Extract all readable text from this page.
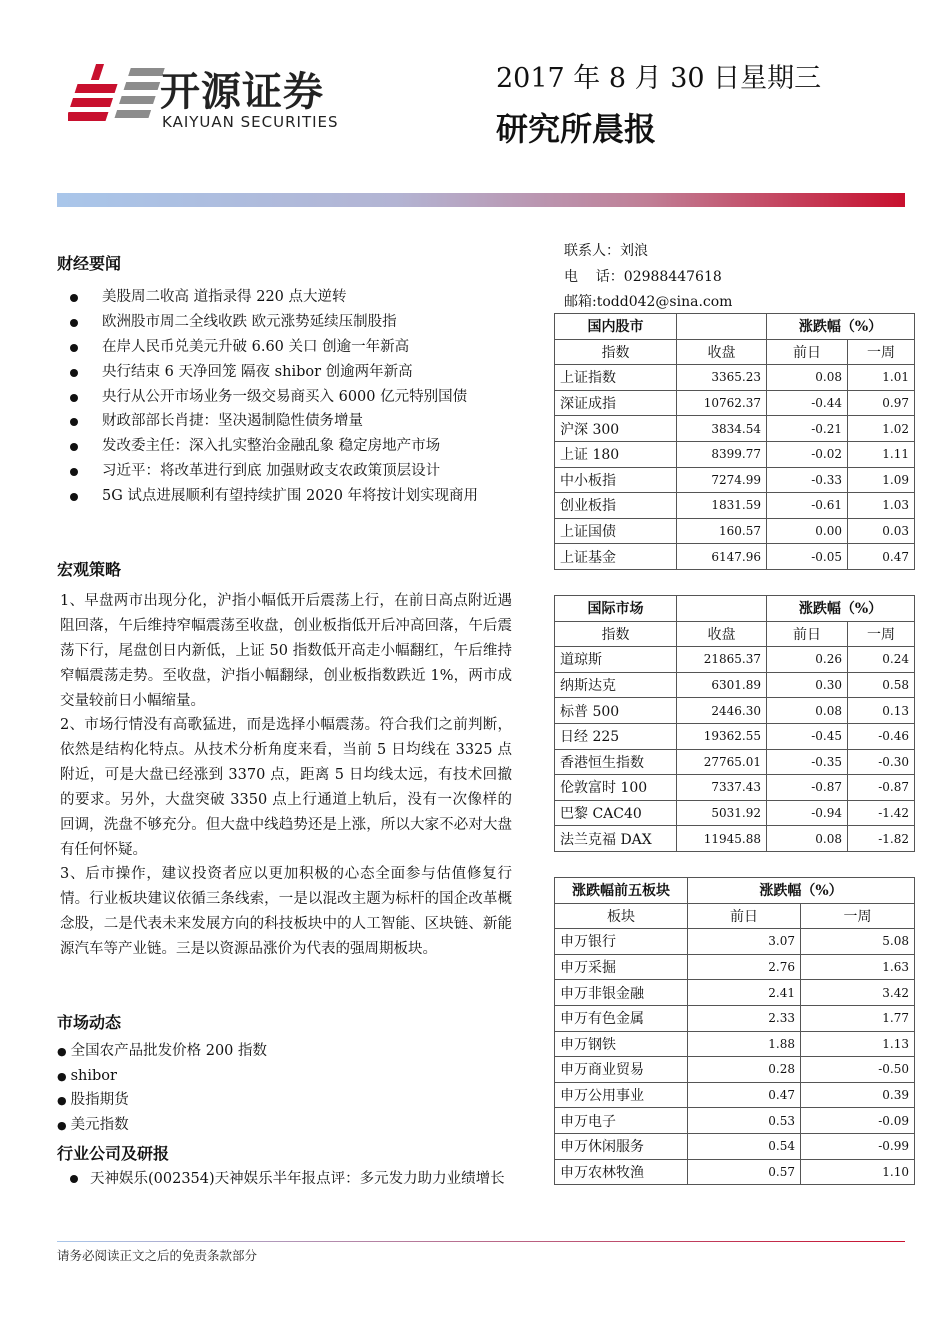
开源证券
KAIYUAN SECURITIES
2017 年 8 月 30 日星期三
研究所晨报
联系人：刘浪
电    话：02988447618
邮箱:todd042@sina.com
财经要闻
美股周二收高 道指录得 220 点大逆转
欧洲股市周二全线收跌 欧元涨势延续压制股指
在岸人民币兑美元升破 6.60 关口 创逾一年新高
央行结束 6 天净回笼 隔夜 shibor 创逾两年新高
央行从公开市场业务一级交易商买入 6000 亿元特别国债
财政部部长肖捷：坚决遏制隐性债务增量
发改委主任：深入扎实整治金融乱象 稳定房地产市场
习近平：将改革进行到底 加强财政支农政策顶层设计
5G 试点进展顺利有望持续扩围 2020 年将按计划实现商用
宏观策略

1、早盘两市出现分化，沪指小幅低开后震荡上行，在前日高点附近遇阻回落，午后维持窄幅震荡至收盘，创业板指低开后冲高回落，午后震荡下行，尾盘创日内新低，上证 50 指数低开高走小幅翻红，午后维持窄幅震荡走势。至收盘，沪指小幅翻绿，创业板指数跌近 1%，两市成交量较前日小幅缩量。

2、市场行情没有高歌猛进，而是选择小幅震荡。符合我们之前判断，依然是结构化特点。从技术分析角度来看，当前 5 日均线在 3325 点附近，可是大盘已经涨到 3370 点，距离 5 日均线太远，有技术回撤的要求。另外，大盘突破 3350 点上行通道上轨后，没有一次像样的回调，洗盘不够充分。但大盘中线趋势还是上涨，所以大家不必对大盘有任何怀疑。

3、后市操作，建议投资者应以更加积极的心态全面参与估值修复行情。行业板块建议依循三条线索，一是以混改主题为标杆的国企改革概念股，二是代表未来发展方向的科技板块中的人工智能、区块链、新能源汽车等产业链。三是以资源品涨价为代表的强周期板块。

市场动态
● 全国农产品批发价格 200 指数
● shibor
● 股指期货
● 美元指数
行业公司及研报
天神娱乐(002354)天神娱乐半年报点评：多元发力助力业绩增长
国内股市		涨跌幅（%）	
指数	收盘	前日	一周
上证指数	3365.23	0.08	1.01
深证成指	10762.37	-0.44	0.97
沪深 300	3834.54	-0.21	1.02
上证 180	8399.77	-0.02	1.11
中小板指	7274.99	-0.33	1.09
创业板指	1831.59	-0.61	1.03
上证国债	160.57	0.00	0.03
上证基金	6147.96	-0.05	0.47
国际市场		涨跌幅（%）	
指数	收盘	前日	一周
道琼斯	21865.37	0.26	0.24
纳斯达克	6301.89	0.30	0.58
标普 500	2446.30	0.08	0.13
日经 225	19362.55	-0.45	-0.46
香港恒生指数	27765.01	-0.35	-0.30
伦敦富时 100	7337.43	-0.87	-0.87
巴黎 CAC40	5031.92	-0.94	-1.42
法兰克福 DAX	11945.88	0.08	-1.82
涨跌幅前五板块	涨跌幅（%）	
板块	前日	一周
申万银行	3.07	5.08
申万采掘	2.76	1.63
申万非银金融	2.41	3.42
申万有色金属	2.33	1.77
申万钢铁	1.88	1.13
申万商业贸易	0.28	-0.50
申万公用事业	0.47	0.39
申万电子	0.53	-0.09
申万休闲服务	0.54	-0.99
申万农林牧渔	0.57	1.10
请务必阅读正文之后的免责条款部分
